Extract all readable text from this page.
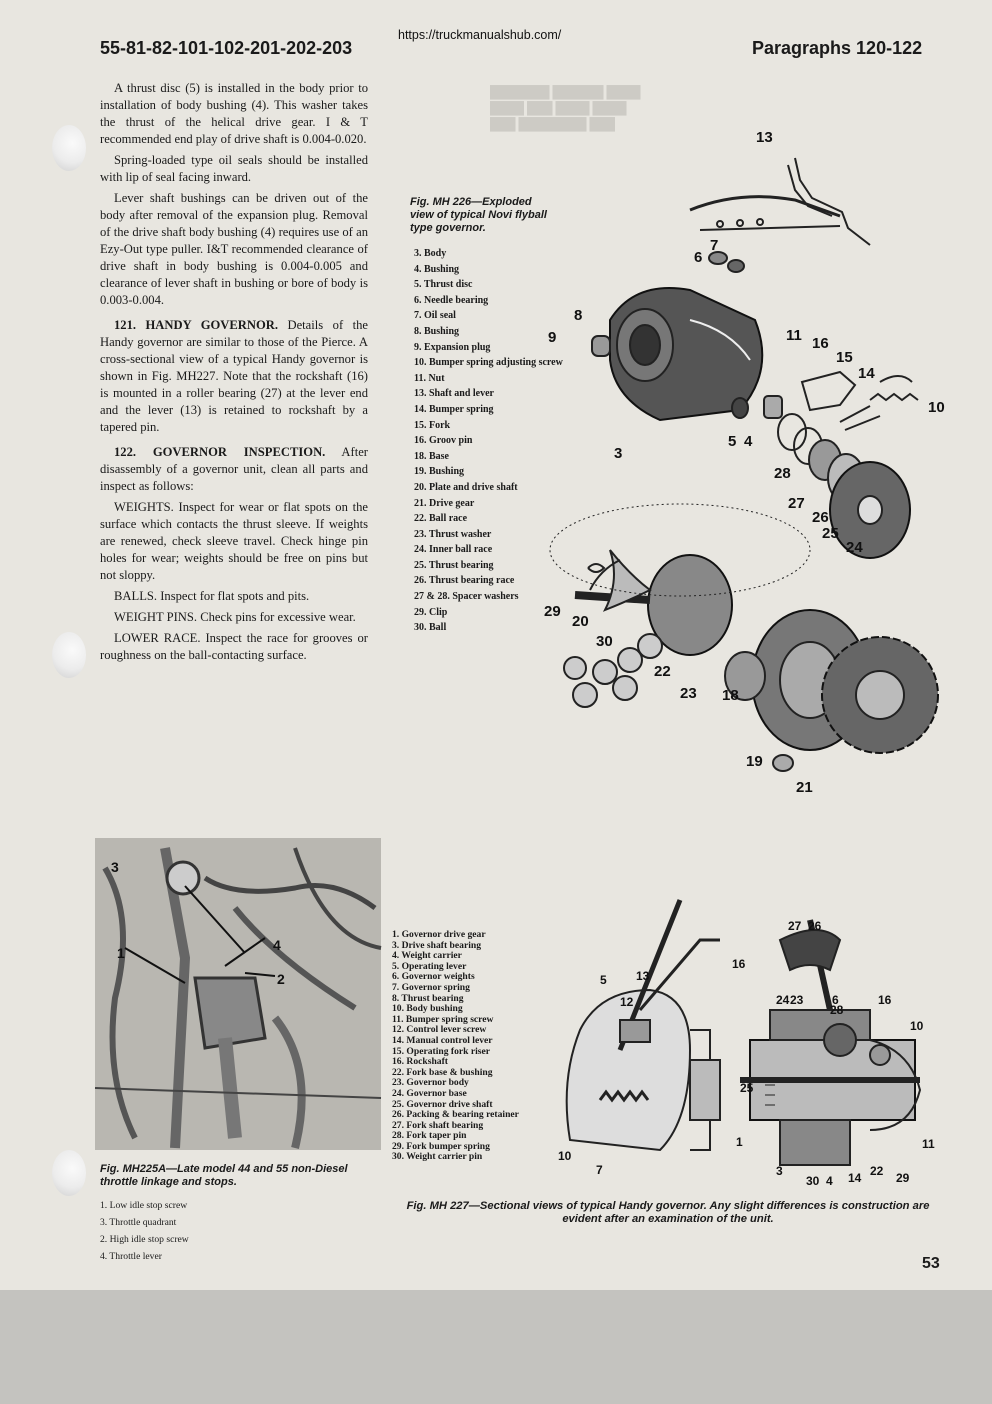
███████ ██████ ████
████ ███ ████ ████
███ ████████ ███
55-81-82-101-102-201-202-203
https://truckmanualshub.com/
Paragraphs 120-122

A thrust disc (5) is installed in the body prior to installation of body bushing (4). This washer takes the thrust of the helical drive gear. I & T recommended end play of drive shaft is 0.004-0.020.

Spring-loaded type oil seals should be installed with lip of seal facing inward.

Lever shaft bushings can be driven out of the body after removal of the expansion plug. Removal of the drive shaft body bushing (4) requires use of an Ezy-Out type puller. I&T recommended clearance of drive shaft in body bushing is 0.004-0.005 and clearance of lever shaft in bushing or bore of body is 0.003-0.004.

121. HANDY GOVERNOR. Details of the Handy governor are similar to those of the Pierce. A cross-sectional view of a typical Handy governor is shown in Fig. MH227. Note that the rockshaft (16) is mounted in a roller bearing (27) at the lever end and the lever (13) is retained to rockshaft by a tapered pin.

122. GOVERNOR INSPECTION. After disassembly of a governor unit, clean all parts and inspect as follows:

WEIGHTS. Inspect for wear or flat spots on the surface which contacts the thrust sleeve. If weights are renewed, check sleeve travel. Check hinge pin holes for wear; weights should be free on pins but not sloppy.

BALLS. Inspect for flat spots and pits.

WEIGHT PINS. Check pins for excessive wear.

LOWER RACE. Inspect the race for grooves or roughness on the ball-contacting surface.

Fig. MH 226—Exploded view of typical Novi flyball type governor.
3. Body
4. Bushing
5. Thrust disc
6. Needle bearing
7. Oil seal
8. Bushing
9. Expansion plug
10. Bumper spring adjusting screw
11. Nut
13. Shaft and lever
14. Bumper spring
15. Fork
16. Groov pin
18. Base
19. Bushing
20. Plate and drive shaft
21. Drive gear
22. Ball race
23. Thrust washer
24. Inner ball race
25. Thrust bearing
26. Thrust bearing race
27 & 28. Spacer washers
29. Clip
30. Ball
13
6
7
8
9	11 16
15
14
10
5 4
3
28
27
26
25
24
29
20
30
22
23 18
19
21
1
2
3
4
Fig. MH225A—Late model 44 and 55 non-Diesel throttle linkage and stops.
1. Low idle stop screw3. Throttle quadrant
2. High idle stop screw4. Throttle lever
1. Governor drive gear
3. Drive shaft bearing
4. Weight carrier
5. Operating lever
6. Governor weights
7. Governor spring
8. Thrust bearing
10. Body bushing
11. Bumper spring screw
12. Control lever screw
14. Manual control lever
15. Operating fork riser
16. Rockshaft
22. Fork base & bushing
23. Governor body
24. Governor base
25. Governor drive shaft
26. Packing & bearing retainer
27. Fork shaft bearing
28. Fork taper pin
29. Fork bumper spring
30. Weight carrier pin
27 26
16
5 13
12	24 23 6
28
16
10
25
10
7
1
3
30 4 14 22 29
11
Fig. MH 227—Sectional views of typical Handy governor. Any slight differences is construction are evident after an examination of the unit.
53
